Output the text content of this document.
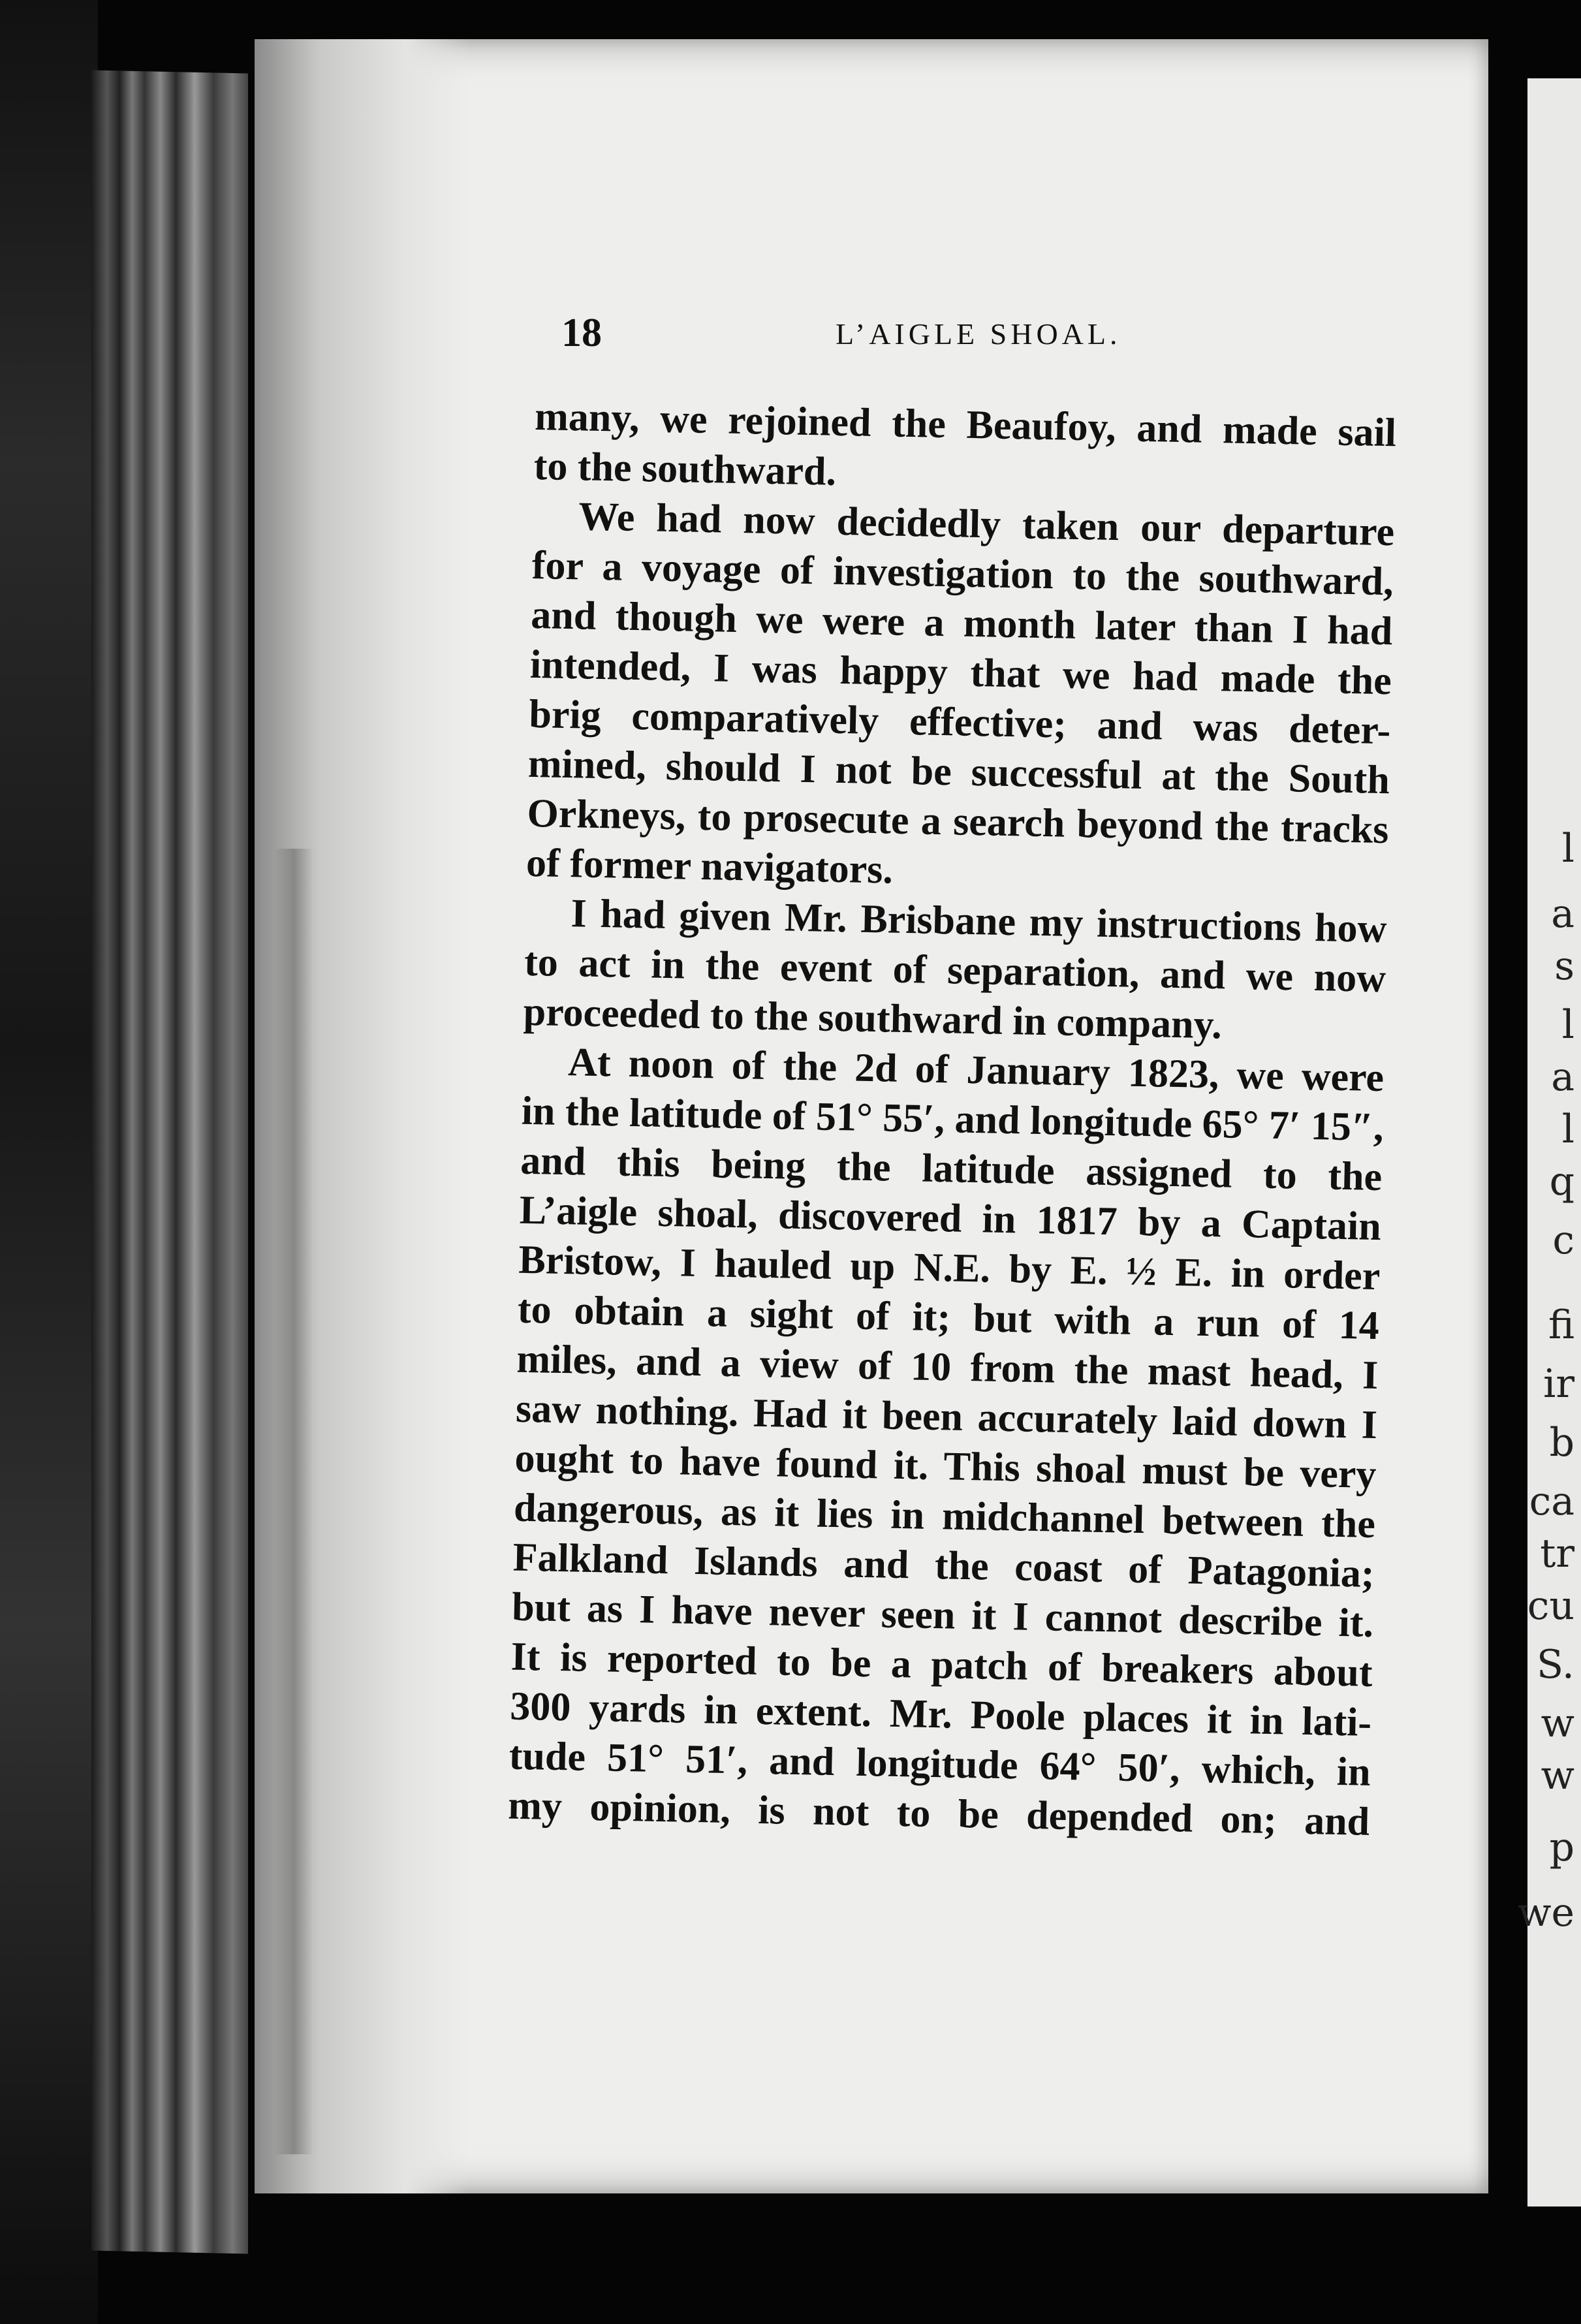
l
a
s
l
a
l
q
c
fi
ir
b
ca
tr
cu
S.
w
w
p
we
18	L’AIGLE SHOAL.
many, we rejoined the Beaufoy, and made sail
to the southward.
We had now decidedly taken our departure
for a voyage of investigation to the southward,
and though we were a month later than I had
intended, I was happy that we had made the
brig comparatively effective; and was deter-
mined, should I not be successful at the South
Orkneys, to prosecute a search beyond the tracks
of former navigators.
I had given Mr. Brisbane my instructions how
to act in the event of separation, and we now
proceeded to the southward in company.
At noon of the 2d of January 1823, we were
in the latitude of 51° 55′, and longitude 65° 7′ 15″,
and this being the latitude assigned to the
L’aigle shoal, discovered in 1817 by a Captain
Bristow, I hauled up N.E. by E. ½ E. in order
to obtain a sight of it; but with a run of 14
miles, and a view of 10 from the mast head, I
saw nothing. Had it been accurately laid down I
ought to have found it. This shoal must be very
dangerous, as it lies in midchannel between the
Falkland Islands and the coast of Patagonia;
but as I have never seen it I cannot describe it.
It is reported to be a patch of breakers about
300 yards in extent. Mr. Poole places it in lati-
tude 51° 51′, and longitude 64° 50′, which, in
my opinion, is not to be depended on; and
